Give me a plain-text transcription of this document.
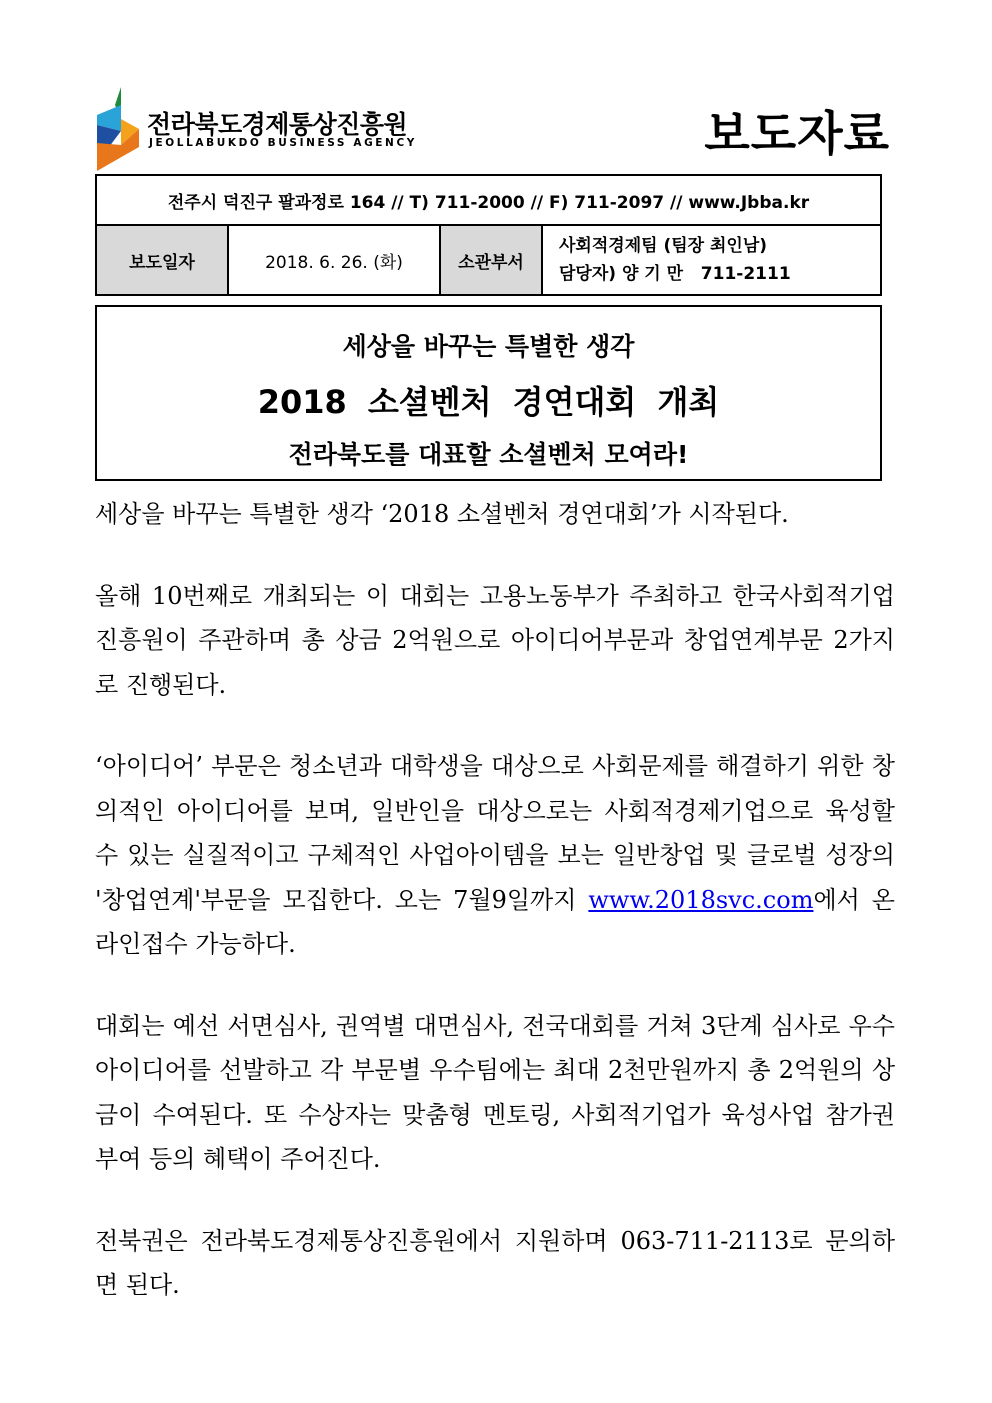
전라북도경제통상진흥원
JEOLLABUKDO BUSINESS AGENCY	보도자료
전주시 덕진구 팔과정로 164 // T) 711-2000 // F) 711-2097 // www.Jbba.kr
보도일자	2018. 6. 26. (화)	소관부서	
사회적경제팀 (팀장 최인남)
담당자) 양 기 만   711-2111
세상을 바꾸는 특별한 생각
2018 소셜벤처 경연대회 개최
전라북도를 대표할 소셜벤처 모여라!

세상을 바꾸는 특별한 생각 ‘2018 소셜벤처 경연대회’가 시작된다.

올해 10번째로 개최되는 이 대회는 고용노동부가 주최하고 한국사회적기업진흥원이 주관하며 총 상금 2억원으로 아이디어부문과 창업연계부문 2가지로 진행된다.

‘아이디어’ 부문은 청소년과 대학생을 대상으로 사회문제를 해결하기 위한 창의적인 아이디어를 보며, 일반인을 대상으로는 사회적경제기업으로 육성할 수 있는 실질적이고 구체적인 사업아이템을 보는 일반창업 및 글로벌 성장의 '창업연계'부문을 모집한다. 오는 7월9일까지 www.2018svc.com에서 온라인접수 가능하다.

대회는 예선 서면심사, 권역별 대면심사, 전국대회를 거쳐 3단계 심사로 우수 아이디어를 선발하고 각 부문별 우수팀에는 최대 2천만원까지 총 2억원의 상금이 수여된다. 또 수상자는 맞춤형 멘토링, 사회적기업가 육성사업 참가권 부여 등의 혜택이 주어진다.

전북권은 전라북도경제통상진흥원에서 지원하며 063-711-2113로 문의하면 된다.
